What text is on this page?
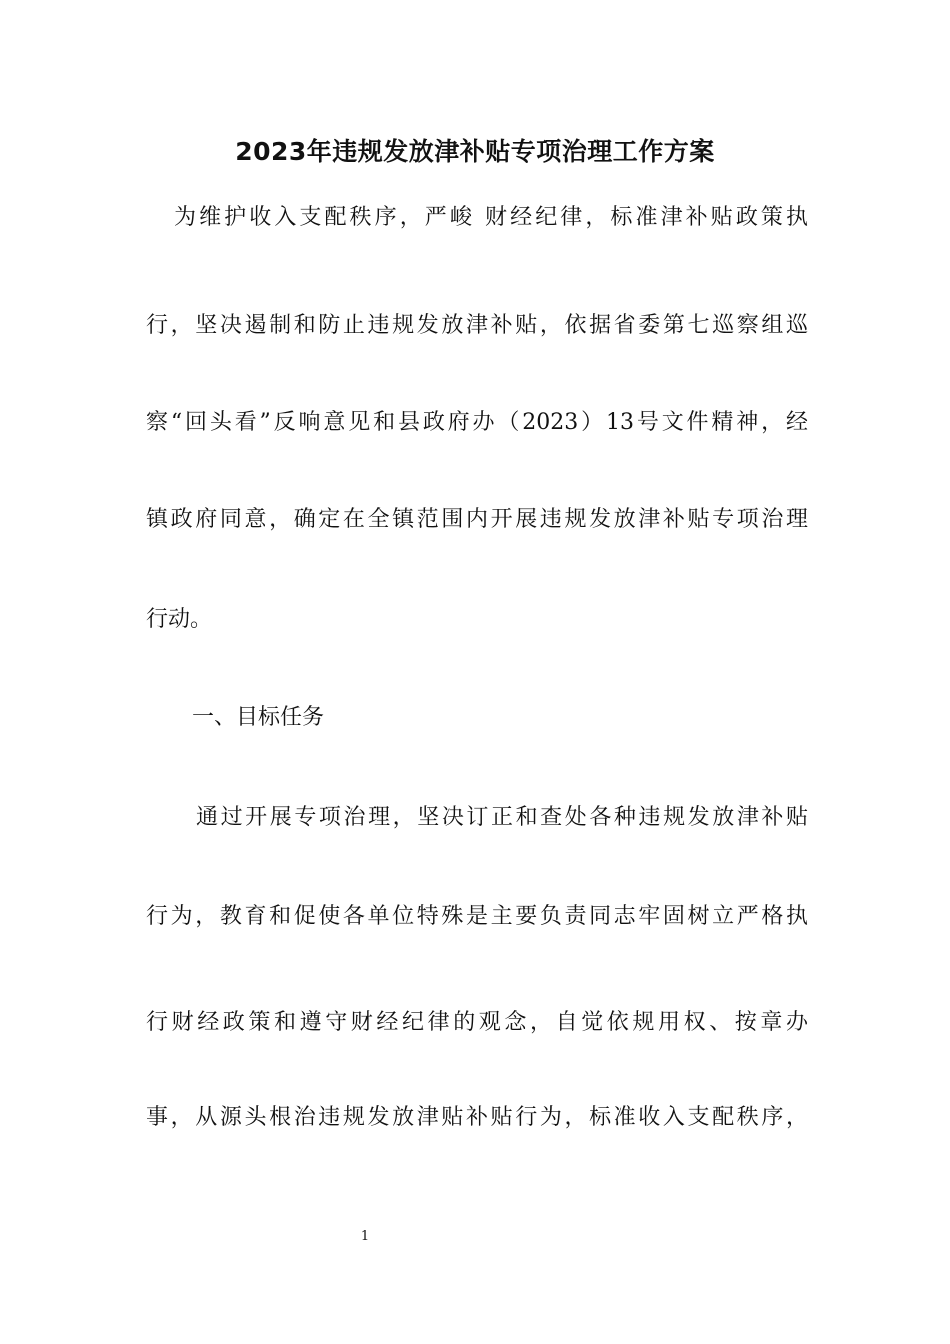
2023年违规发放津补贴专项治理工作方案

为维护收入支配秩序，严峻 财经纪律，标准津补贴政策执

行，坚决遏制和防止违规发放津补贴，依据省委第七巡察组巡

察“回头看”反响意见和县政府办（2023）13号文件精神，经

镇政府同意，确定在全镇范围内开展违规发放津补贴专项治理

行动。

一、目标任务

通过开展专项治理，坚决订正和查处各种违规发放津补贴

行为，教育和促使各单位特殊是主要负责同志牢固树立严格执

行财经政策和遵守财经纪律的观念，自觉依规用权、按章办

事，从源头根治违规发放津贴补贴行为，标准收入支配秩序，

1
